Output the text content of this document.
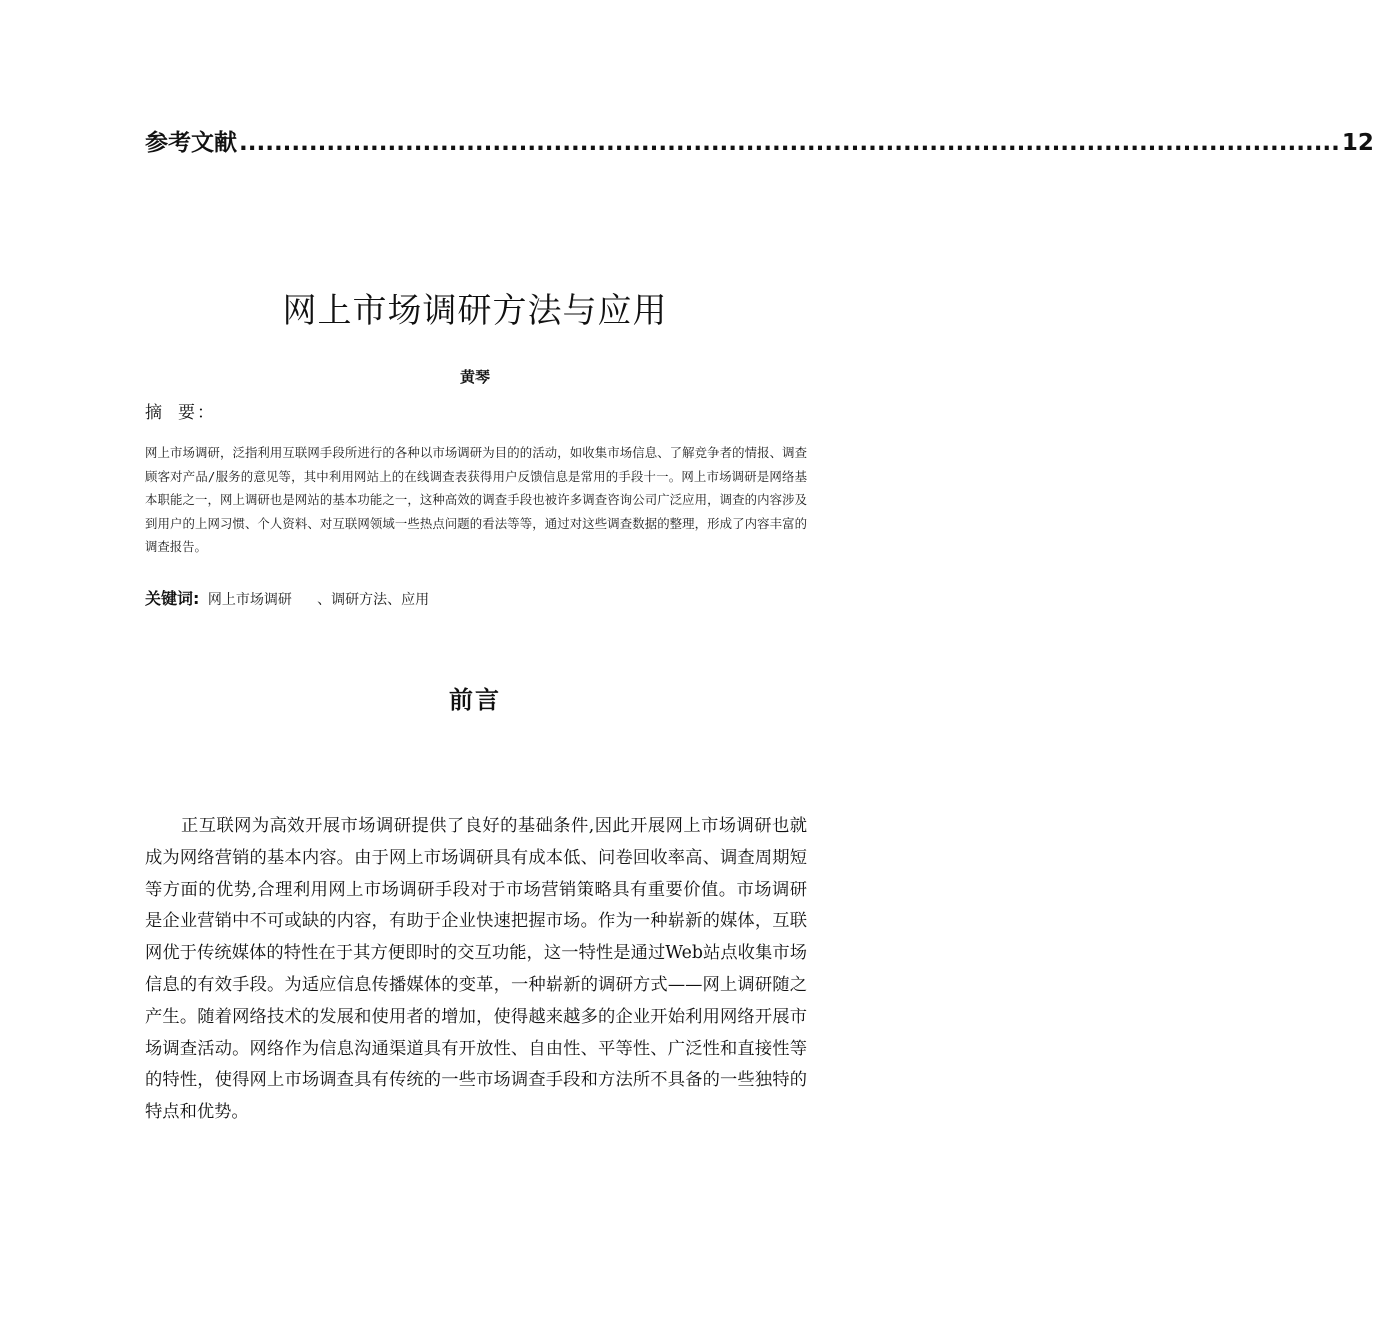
参考文献 .............................................................................................................................. 12
网上市场调研方法与应用
黄琴
摘 要：
网上市场调研，泛指利用互联网手段所进行的各种以市场调研为目的的活动，如收集市场信息、了解竞争者的情报、调查顾客对产品/服务的意见等，其中利用网站上的在线调查表获得用户反馈信息是常用的手段十一。网上市场调研是网络基本职能之一，网上调研也是网站的基本功能之一，这种高效的调查手段也被许多调查咨询公司广泛应用，调查的内容涉及到用户的上网习惯、个人资料、对互联网领域一些热点问题的看法等等，通过对这些调查数据的整理，形成了内容丰富的调查报告。
关键词: 网上市场调研   、调研方法、应用
前言
正互联网为高效开展市场调研提供了良好的基础条件,因此开展网上市场调研也就成为网络营销的基本内容。由于网上市场调研具有成本低、问卷回收率高、调查周期短等方面的优势,合理利用网上市场调研手段对于市场营销策略具有重要价值。市场调研是企业营销中不可或缺的内容，有助于企业快速把握市场。作为一种崭新的媒体，互联网优于传统媒体的特性在于其方便即时的交互功能，这一特性是通过Web站点收集市场信息的有效手段。为适应信息传播媒体的变革，一种崭新的调研方式——网上调研随之产生。随着网络技术的发展和使用者的增加，使得越来越多的企业开始利用网络开展市场调查活动。网络作为信息沟通渠道具有开放性、自由性、平等性、广泛性和直接性等的特性，使得网上市场调查具有传统的一些市场调查手段和方法所不具备的一些独特的特点和优势。
